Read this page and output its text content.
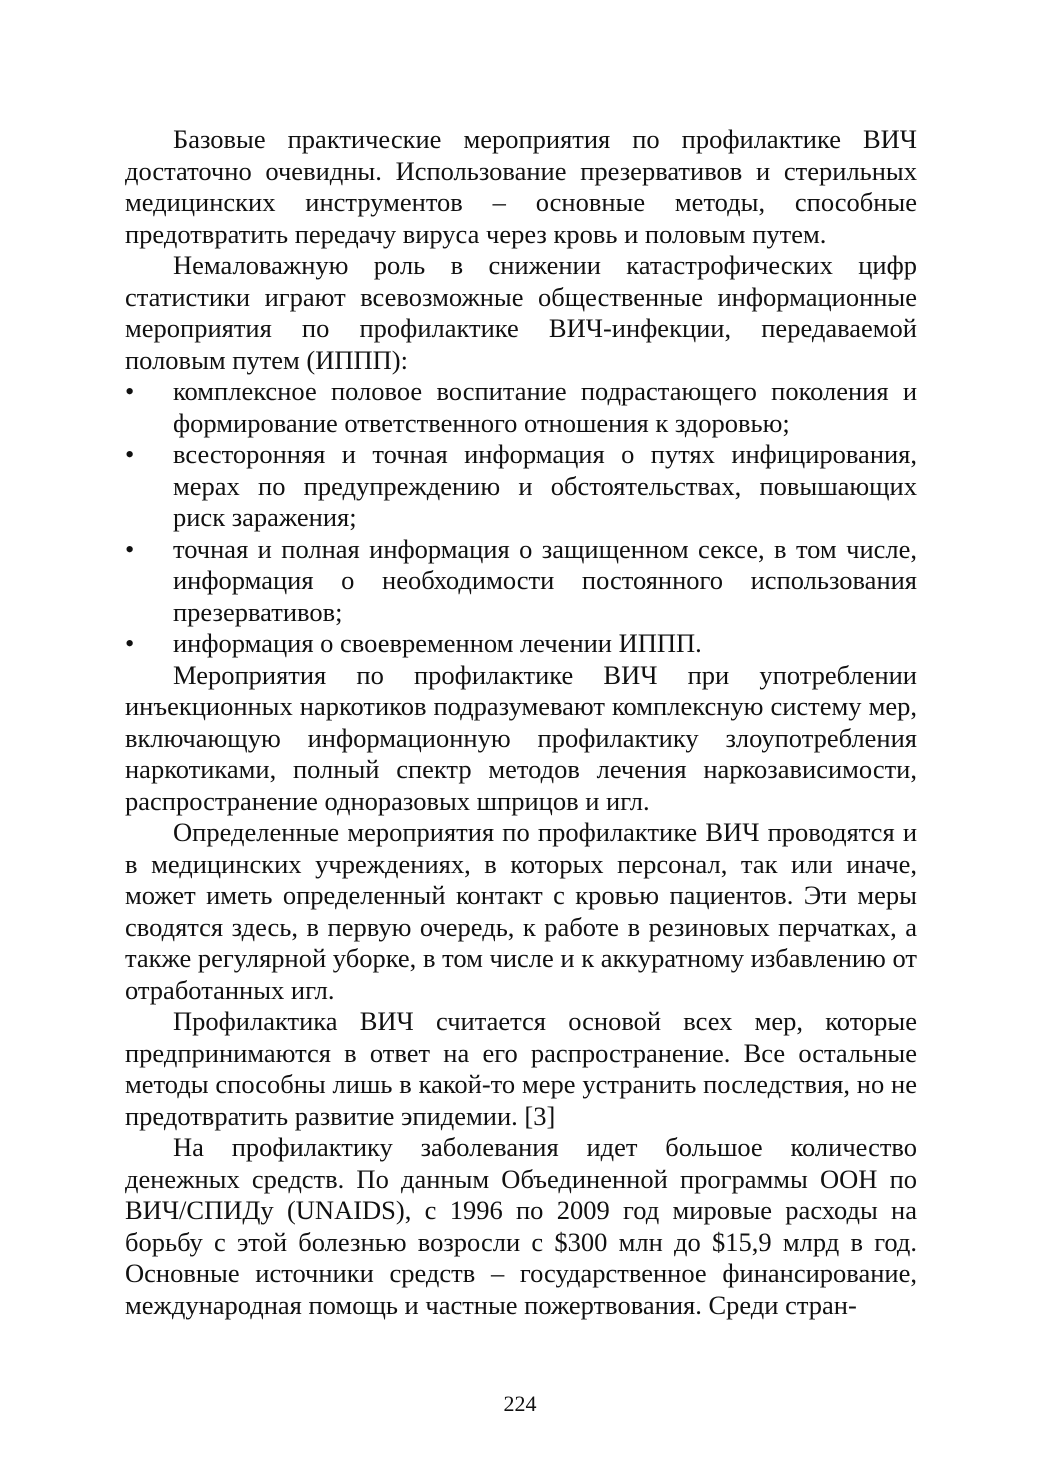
Базовые практические мероприятия по профилактике ВИЧ достаточно очевидны. Использование презервативов и стерильных медицинских инструментов – основные методы, способные предотвратить передачу вируса через кровь и половым путем.

Немаловажную роль в снижении катастрофических цифр статистики играют всевозможные общественные информационные мероприятия по профилактике ВИЧ-инфекции, передаваемой половым путем (ИППП):

•	комплексное половое воспитание подрастающего поколения и формирование ответственного отношения к здоровью;
•	всесторонняя и точная информация о путях инфицирования, мерах по предупреждению и обстоятельствах, повышающих риск заражения;
•	точная и полная информация о защищенном сексе, в том числе, информация о необходимости постоянного использования презервативов;
•	информация о своевременном лечении ИППП.

Мероприятия по профилактике ВИЧ при употреблении инъекционных наркотиков подразумевают комплексную систему мер, включающую информационную профилактику злоупотребления наркотиками, полный спектр методов лечения наркозависимости, распространение одноразовых шприцов и игл.

Определенные мероприятия по профилактике ВИЧ проводятся и в медицинских учреждениях, в которых персонал, так или иначе, может иметь определенный контакт с кровью пациентов. Эти меры сводятся здесь, в первую очередь, к работе в резиновых перчатках, а также регулярной уборке, в том числе и к аккуратному избавлению от отработанных игл.

Профилактика ВИЧ считается основой всех мер, которые предпринимаются в ответ на его распространение. Все остальные методы способны лишь в какой-то мере устранить последствия, но не предотвратить развитие эпидемии. [3]

На профилактику заболевания идет большое количество денежных средств. По данным Объединенной программы ООН по ВИЧ/СПИДу (UNAIDS), с 1996 по 2009 год мировые расходы на борьбу с этой болезнью возросли с $300 млн до $15,9 млрд в год. Основные источники средств – государственное финансирование, международная помощь и частные пожертвования. Среди стран-

224
